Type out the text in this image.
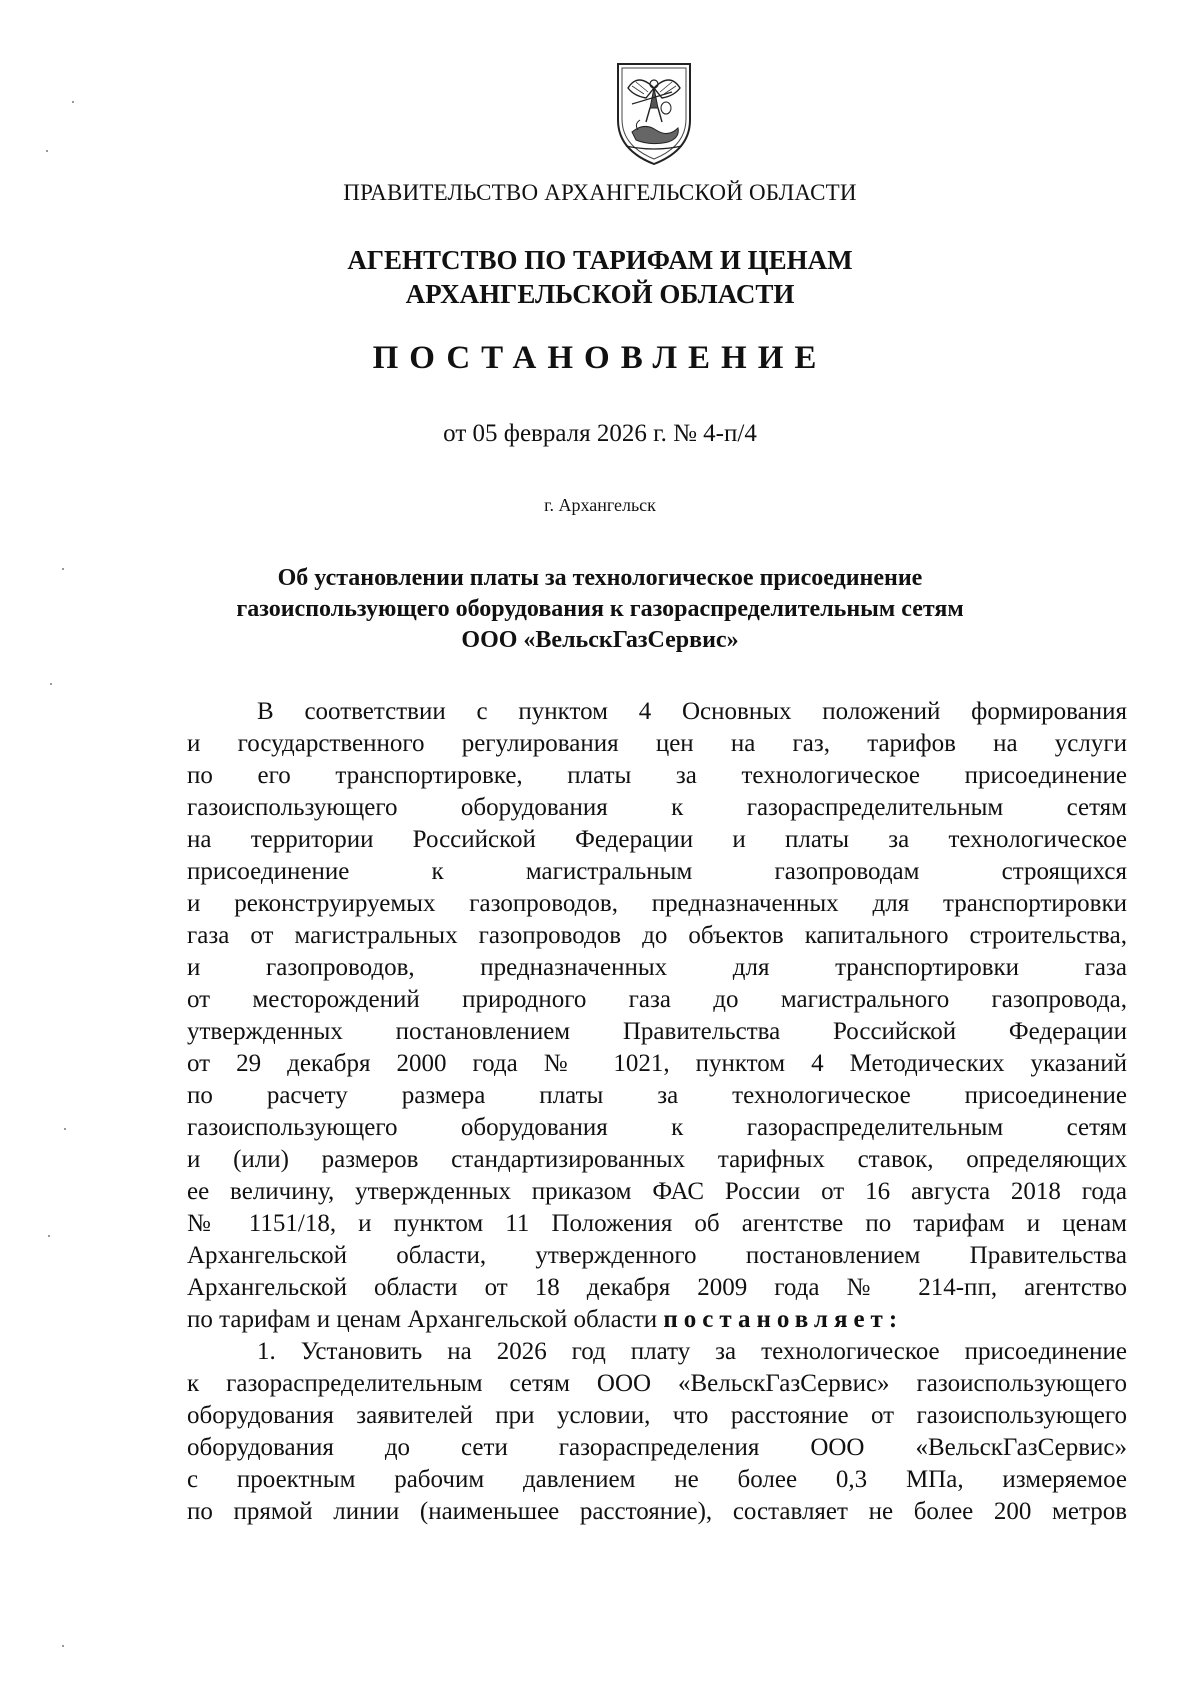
ПРАВИТЕЛЬСТВО АРХАНГЕЛЬСКОЙ ОБЛАСТИ
АГЕНТСТВО ПО ТАРИФАМ И ЦЕНАМ
АРХАНГЕЛЬСКОЙ ОБЛАСТИ
ПОСТАНОВЛЕНИЕ
от 05 февраля 2026 г. № 4-п/4
г. Архангельск
Об установлении платы за технологическое присоединение
газоиспользующего оборудования к газораспределительным сетям
ООО «ВельскГазСервис»
В соответствии с пунктом 4 Основных положений формирования
и государственного регулирования цен на газ, тарифов на услуги
по его транспортировке, платы за технологическое присоединение
газоиспользующего оборудования к газораспределительным сетям
на территории Российской Федерации и платы за технологическое
присоединение к магистральным газопроводам строящихся
и реконструируемых газопроводов, предназначенных для транспортировки
газа от магистральных газопроводов до объектов капитального строительства,
и газопроводов, предназначенных для транспортировки газа
от месторождений природного газа до магистрального газопровода,
утвержденных постановлением Правительства Российской Федерации
от 29 декабря 2000 года № 1021, пунктом 4 Методических указаний
по расчету размера платы за технологическое присоединение
газоиспользующего оборудования к газораспределительным сетям
и (или) размеров стандартизированных тарифных ставок, определяющих
ее величину, утвержденных приказом ФАС России от 16 августа 2018 года
№ 1151/18, и пунктом 11 Положения об агентстве по тарифам и ценам
Архангельской области, утвержденного постановлением Правительства
Архангельской области от 18 декабря 2009 года № 214-пп, агентство
по тарифам и ценам Архангельской области постановляет:
1. Установить на 2026 год плату за технологическое присоединение
к газораспределительным сетям ООО «ВельскГазСервис» газоиспользующего
оборудования заявителей при условии, что расстояние от газоиспользующего
оборудования до сети газораспределения ООО «ВельскГазСервис»
с проектным рабочим давлением не более 0,3 МПа, измеряемое
по прямой линии (наименьшее расстояние), составляет не более 200 метров
